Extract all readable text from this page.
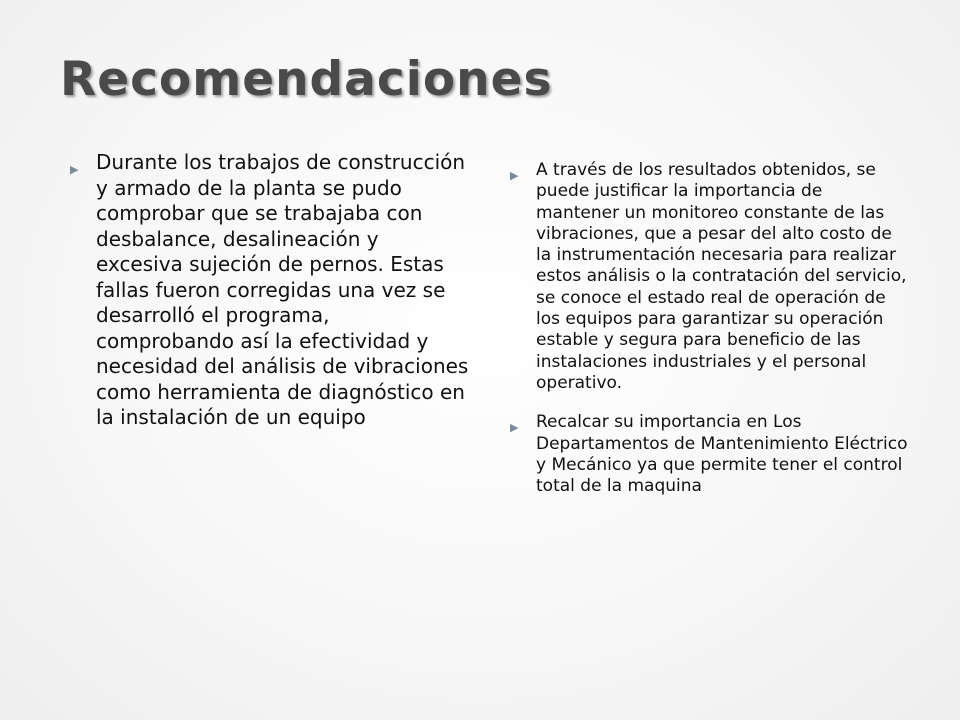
Recomendaciones

▶ Durante los trabajos de construcción y armado de la planta se pudo comprobar que se trabajaba con desbalance, desalineación y excesiva sujeción de pernos. Estas fallas fueron corregidas una vez se desarrolló el programa, comprobando así la efectividad y necesidad del análisis de vibraciones como herramienta de diagnóstico en la instalación de un equipo

▶ A través de los resultados obtenidos, se puede justificar la importancia de mantener un monitoreo constante de las vibraciones, que a pesar del alto costo de la instrumentación necesaria para realizar estos análisis o la contratación del servicio, se conoce el estado real de operación de los equipos para garantizar su operación estable y segura para beneficio de las instalaciones industriales y el personal operativo.

▶ Recalcar su importancia en Los Departamentos de Mantenimiento Eléctrico y Mecánico ya que permite tener el control total de la maquina
